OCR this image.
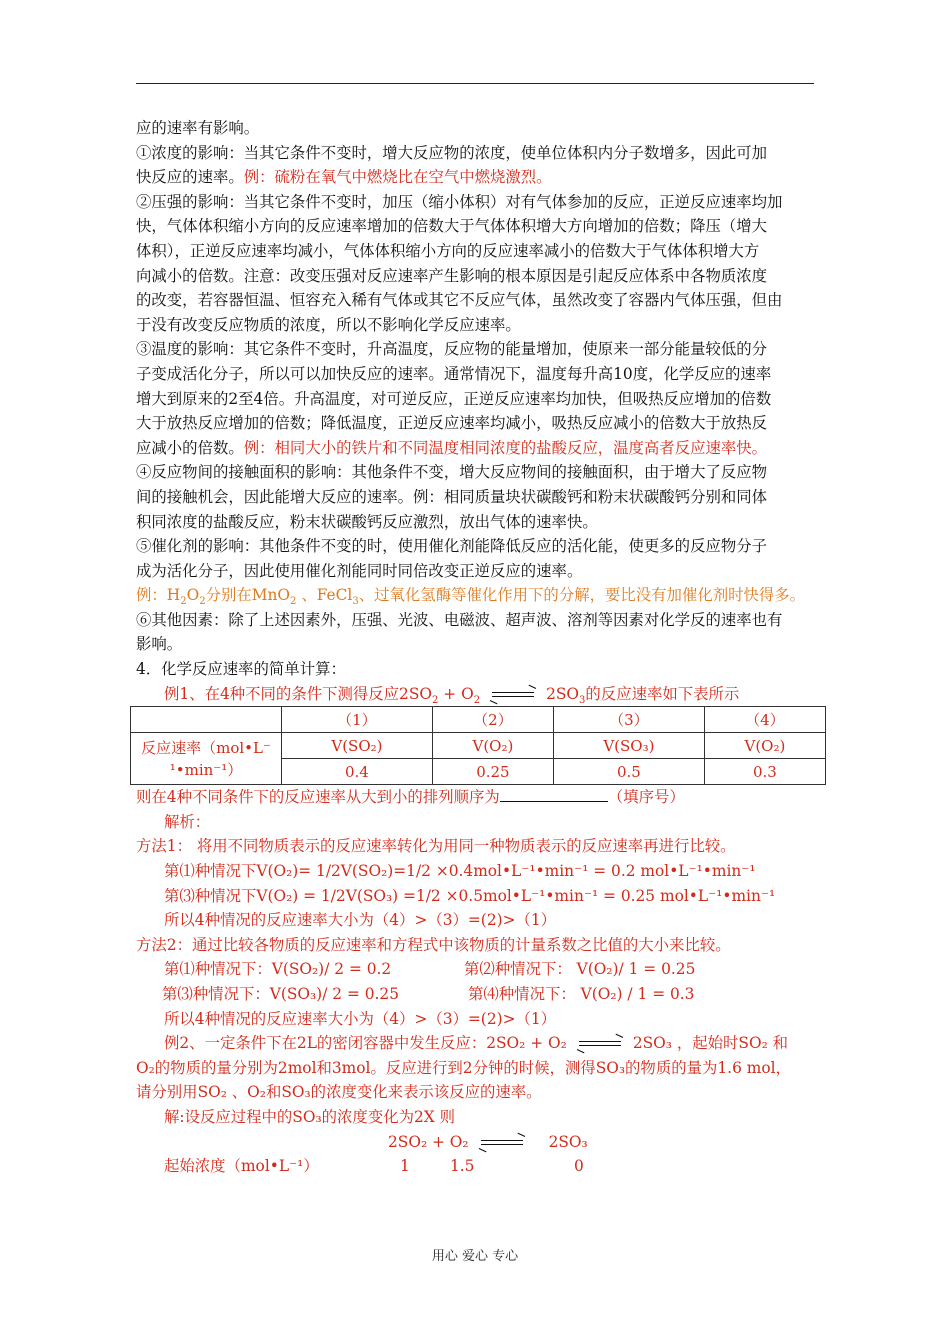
应的速率有影响。

①浓度的影响：当其它条件不变时，增大反应物的浓度，使单位体积内分子数增多，因此可加

快反应的速率。例：硫粉在氧气中燃烧比在空气中燃烧激烈。

②压强的影响：当其它条件不变时，加压（缩小体积）对有气体参加的反应，正逆反应速率均加

快，气体体积缩小方向的反应速率增加的倍数大于气体体积增大方向增加的倍数；降压（增大

体积），正逆反应速率均减小，气体体积缩小方向的反应速率减小的倍数大于气体体积增大方

向减小的倍数。注意：改变压强对反应速率产生影响的根本原因是引起反应体系中各物质浓度

的改变，若容器恒温、恒容充入稀有气体或其它不反应气体，虽然改变了容器内气体压强，但由

于没有改变反应物质的浓度，所以不影响化学反应速率。

③温度的影响：其它条件不变时，升高温度，反应物的能量增加，使原来一部分能量较低的分

子变成活化分子，所以可以加快反应的速率。通常情况下，温度每升高10度，化学反应的速率

增大到原来的2至4倍。升高温度，对可逆反应，正逆反应速率均加快，但吸热反应增加的倍数

大于放热反应增加的倍数；降低温度，正逆反应速率均减小，吸热反应减小的倍数大于放热反

应减小的倍数。例：相同大小的铁片和不同温度相同浓度的盐酸反应，温度高者反应速率快。

④反应物间的接触面积的影响：其他条件不变，增大反应物间的接触面积，由于增大了反应物

间的接触机会，因此能增大反应的速率。例：相同质量块状碳酸钙和粉末状碳酸钙分别和同体

积同浓度的盐酸反应，粉末状碳酸钙反应激烈，放出气体的速率快。

⑤催化剂的影响：其他条件不变的时，使用催化剂能降低反应的活化能，使更多的反应物分子

成为活化分子，因此使用催化剂能同时同倍改变正逆反应的速率。

例：$H_2O_2$分别在MnO$_2$ 、FeCl$_3$、过氧化氢酶等催化作用下的分解，要比没有加催化剂时快得多。

⑥其他因素：除了上述因素外，压强、光波、电磁波、超声波、溶剂等因素对化学反的速率也有

影响。

4．化学反应速率的简单计算：

例1、在4种不同的条件下测得反应$2SO_2 + O_2$	$2SO_3$的反应速率如下表所示

	（1）	（2）	（3）	（4）
反应速率（mol•L⁻
¹•min⁻¹）	V(SO₂)	V(O₂)	V(SO₃)	V(O₂)
	0.4	0.25	0.5	0.3

则在4种不同条件下的反应速率从大到小的排列顺序为	（填序号）

解析：

方法1： 将用不同物质表示的反应速率转化为用同一种物质表示的反应速率再进行比较。

第⑴种情况下V(O₂)= 1/2V(SO₂)=1/2 ×0.4mol•L⁻¹•min⁻¹ = 0.2 mol•L⁻¹•min⁻¹

第⑶种情况下V(O₂) = 1/2V(SO₃) =1/2 ×0.5mol•L⁻¹•min⁻¹ = 0.25 mol•L⁻¹•min⁻¹

所以4种情况的反应速率大小为（4）>（3）=(2)>（1）

方法2：通过比较各物质的反应速率和方程式中该物质的计量系数之比值的大小来比较。

第⑴种情况下：V(SO₂)/ 2 = 0.2	第⑵种情况下： V(O₂)/ 1 = 0.25

第⑶种情况下：V(SO₃)/ 2 = 0.25	第⑷种情况下： V(O₂) / 1 = 0.3

所以4种情况的反应速率大小为（4）>（3）=(2)>（1）

例2、一定条件下在2L的密闭容器中发生反应：2SO₂ + O₂	2SO₃ ，起始时SO₂ 和

O₂的物质的量分别为2mol和3mol。反应进行到2分钟的时候，测得SO₃的物质的量为1.6 mol，

请分别用SO₂ 、O₂和SO₃的浓度变化来表示该反应的速率。

解:设反应过程中的SO₃的浓度变化为2X 则

2SO₂ + O₂	2SO₃

起始浓度（mol•L⁻¹）	1	1.5	0

用心 爱心 专心
